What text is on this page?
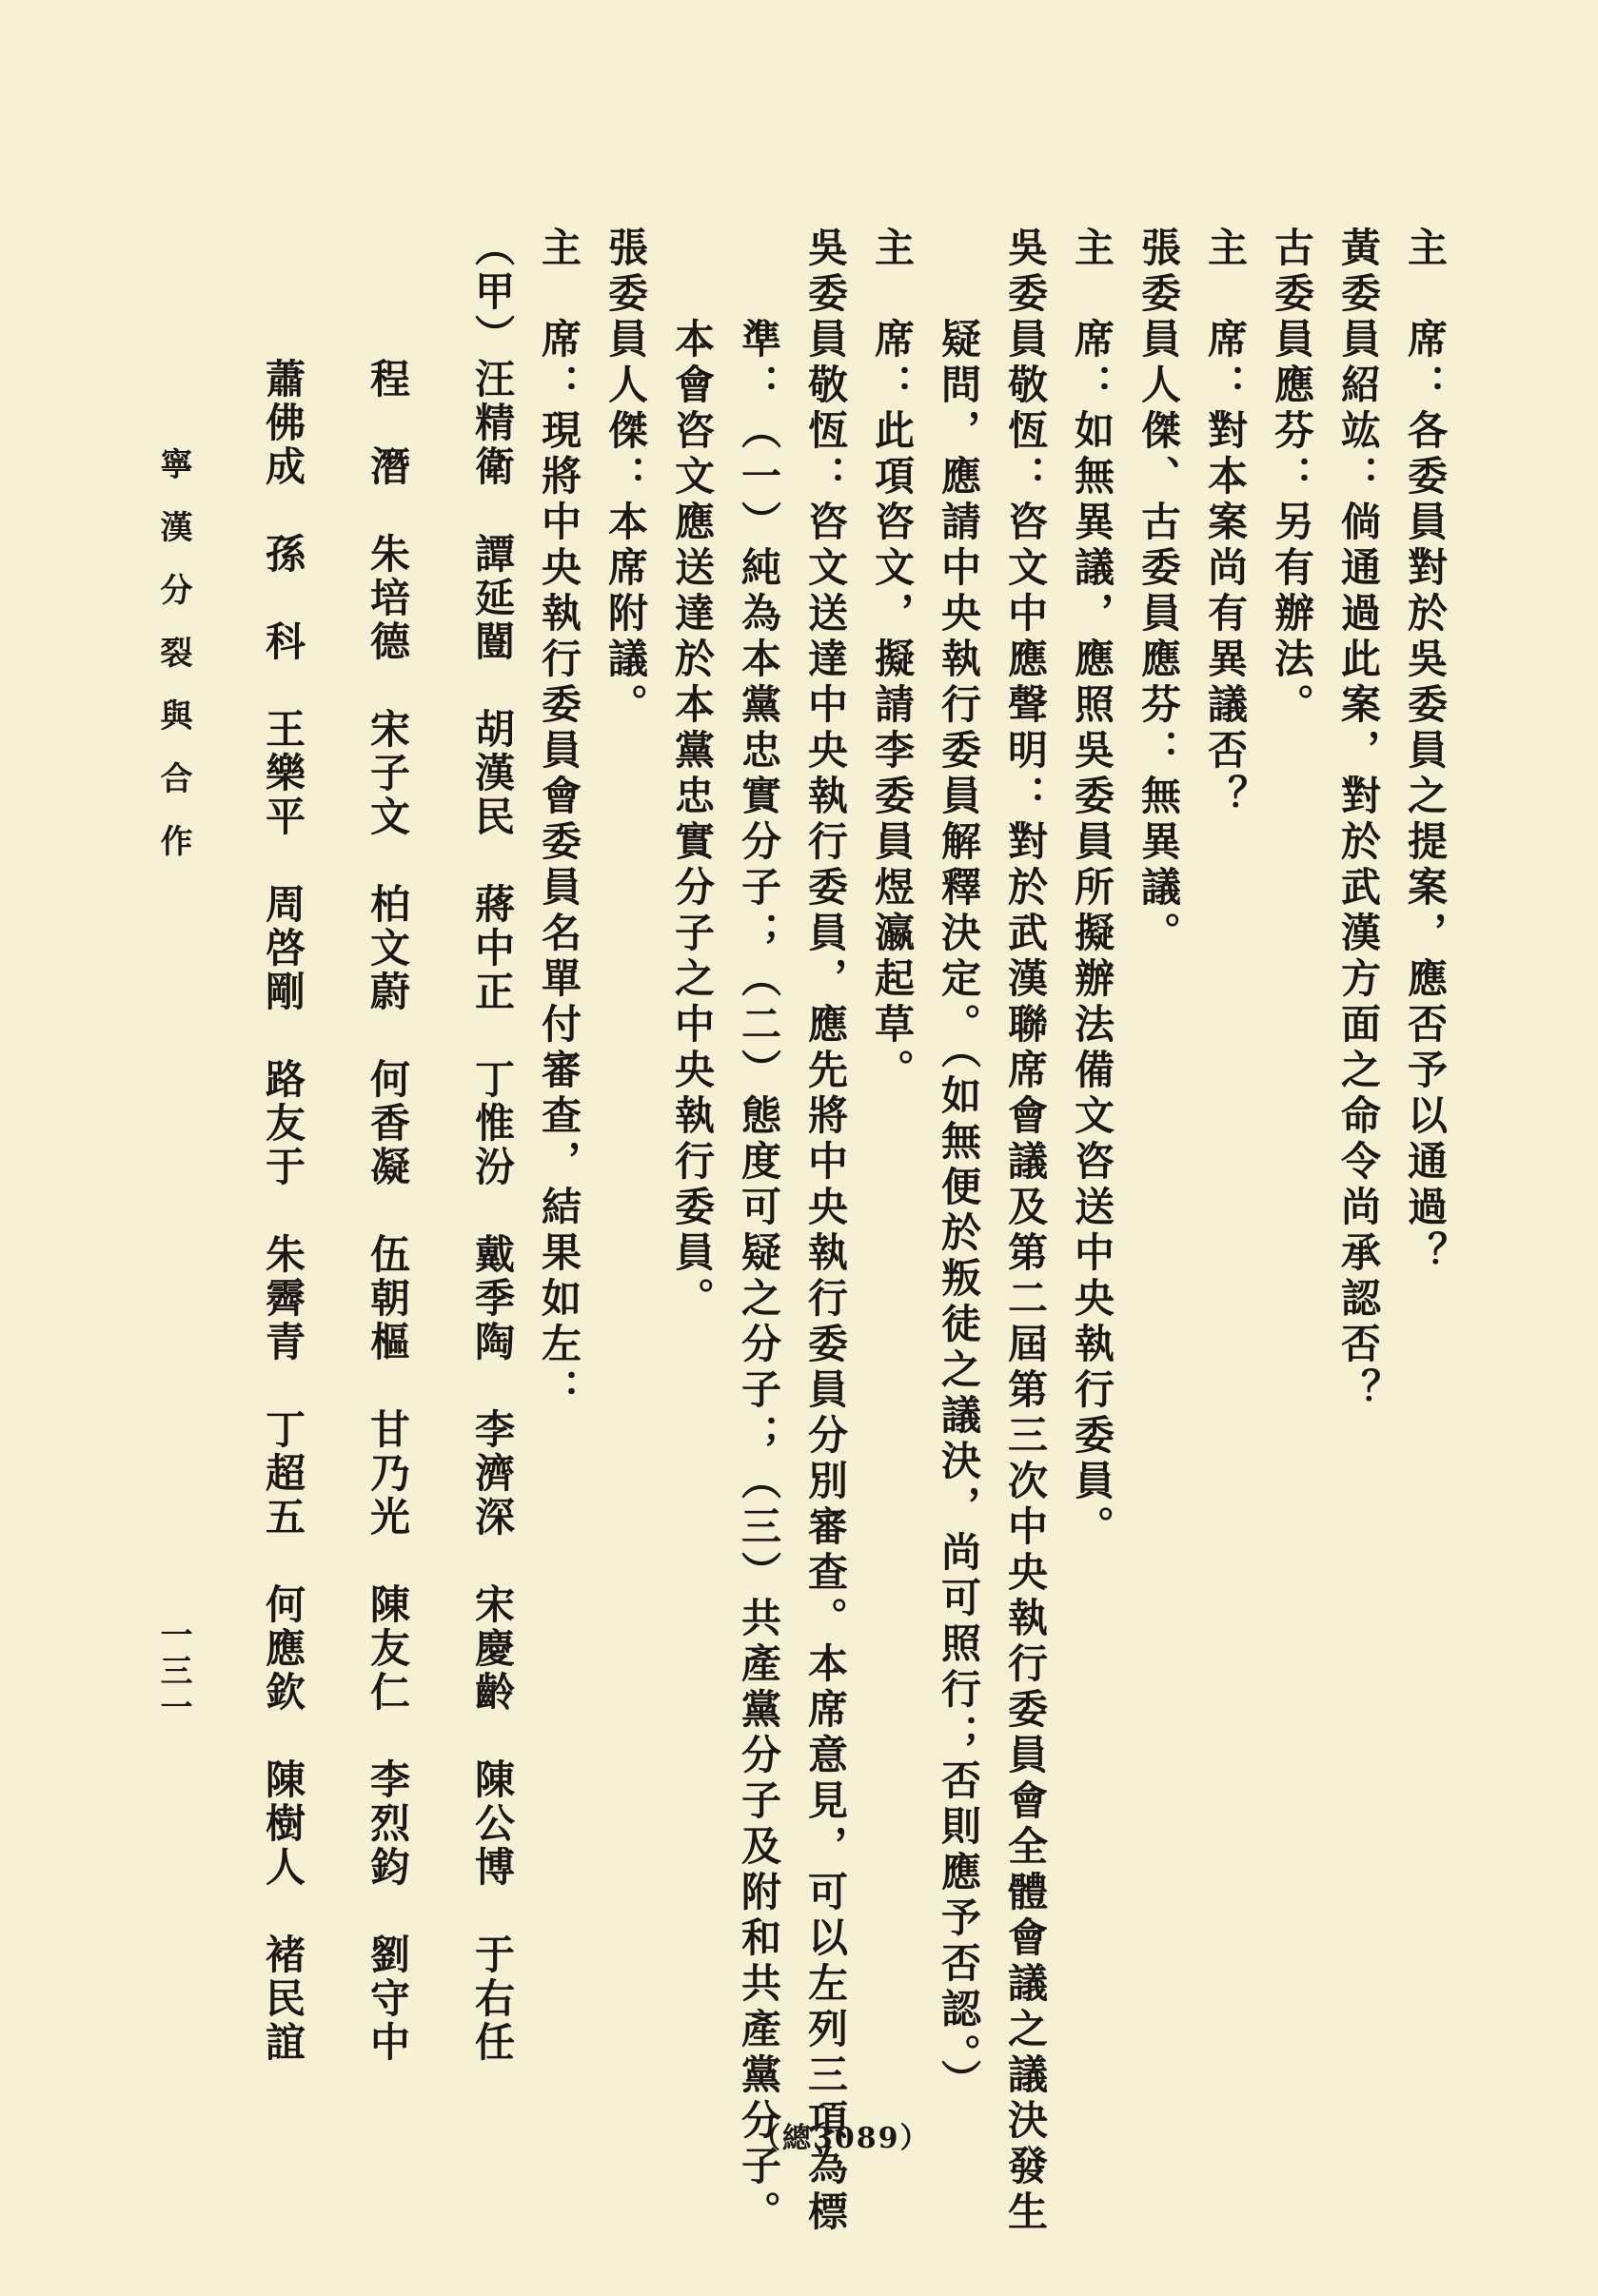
主　席：各委員對於吳委員之提案，應否予以通過？
黃委員紹竑：倘通過此案，對於武漢方面之命令尚承認否？
古委員應芬：另有辦法。
主　席：對本案尚有異議否？
張委員人傑、古委員應芬：無異議。
主　席：如無異議，應照吳委員所擬辦法備文咨送中央執行委員。
吳委員敬恆：咨文中應聲明：對於武漢聯席會議及第二屆第三次中央執行委員會全體會議之議決發生
　　疑問，應請中央執行委員解釋決定。（如無便於叛徒之議決，尚可照行；否則應予否認。）
主　席：此項咨文，擬請李委員煜瀛起草。
吳委員敬恆：咨文送達中央執行委員，應先將中央執行委員分別審查。本席意見，可以左列三項為標
　　準：（一）純為本黨忠實分子；（二）態度可疑之分子；（三）共產黨分子及附和共產黨分子。
　　本會咨文應送達於本黨忠實分子之中央執行委員。
張委員人傑：本席附議。
主　席：現將中央執行委員會委員名單付審查，結果如左：
（甲）汪精衛　譚延闓　胡漢民　蔣中正　丁惟汾　戴季陶　李濟深　宋慶齡　陳公博　于右任
　　　程　潛　朱培德　宋子文　柏文蔚　何香凝　伍朝樞　甘乃光　陳友仁　李烈鈞　劉守中
　　　蕭佛成　孫　科　王樂平　周啓剛　路友于　朱霽青　丁超五　何應欽　陳樹人　褚民誼
寧漢分裂與合作
一三一
（總3089）
